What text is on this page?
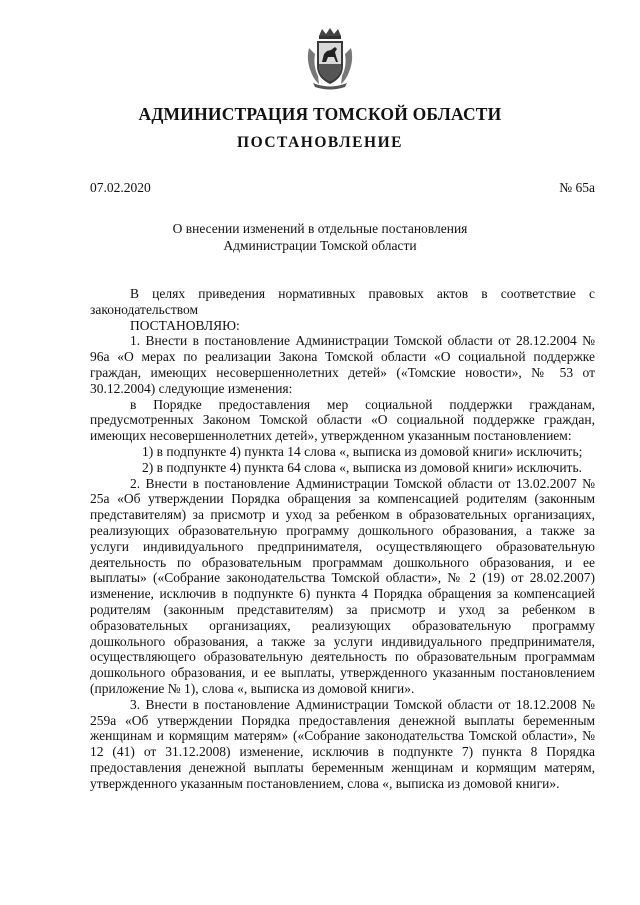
АДМИНИСТРАЦИЯ ТОМСКОЙ ОБЛАСТИ
ПОСТАНОВЛЕНИЕ
07.02.2020	№ 65а
О внесении изменений в отдельные постановления
Администрации Томской области

В целях приведения нормативных правовых актов в соответствие с законодательством

ПОСТАНОВЛЯЮ:

1. Внести в постановление Администрации Томской области от 28.12.2004 № 96а «О мерах по реализации Закона Томской области «О социальной поддержке граждан, имеющих несовершеннолетних детей» («Томские новости», № 53 от 30.12.2004) следующие изменения:

в Порядке предоставления мер социальной поддержки гражданам, предусмотренных Законом Томской области «О социальной поддержке граждан, имеющих несовершеннолетних детей», утвержденном указанным постановлением:

1) в подпункте 4) пункта 14 слова «, выписка из домовой книги» исключить;

2) в подпункте 4) пункта 64 слова «, выписка из домовой книги» исключить.

2. Внести в постановление Администрации Томской области от 13.02.2007 № 25а «Об утверждении Порядка обращения за компенсацией родителям (законным представителям) за присмотр и уход за ребенком в образовательных организациях, реализующих образовательную программу дошкольного образования, а также за услуги индивидуального предпринимателя, осуществляющего образовательную деятельность по образовательным программам дошкольного образования, и ее выплаты» («Собрание законодательства Томской области», № 2 (19) от 28.02.2007) изменение, исключив в подпункте 6) пункта 4 Порядка обращения за компенсацией родителям (законным представителям) за присмотр и уход за ребенком в образовательных организациях, реализующих образовательную программу дошкольного образования, а также за услуги индивидуального предпринимателя, осуществляющего образовательную деятельность по образовательным программам дошкольного образования, и ее выплаты, утвержденного указанным постановлением (приложение № 1), слова «, выписка из домовой книги».

3. Внести в постановление Администрации Томской области от 18.12.2008 № 259а «Об утверждении Порядка предоставления денежной выплаты беременным женщинам и кормящим матерям» («Собрание законодательства Томской области», № 12 (41) от 31.12.2008) изменение, исключив в подпункте 7) пункта 8 Порядка предоставления денежной выплаты беременным женщинам и кормящим матерям, утвержденного указанным постановлением, слова «, выписка из домовой книги».
